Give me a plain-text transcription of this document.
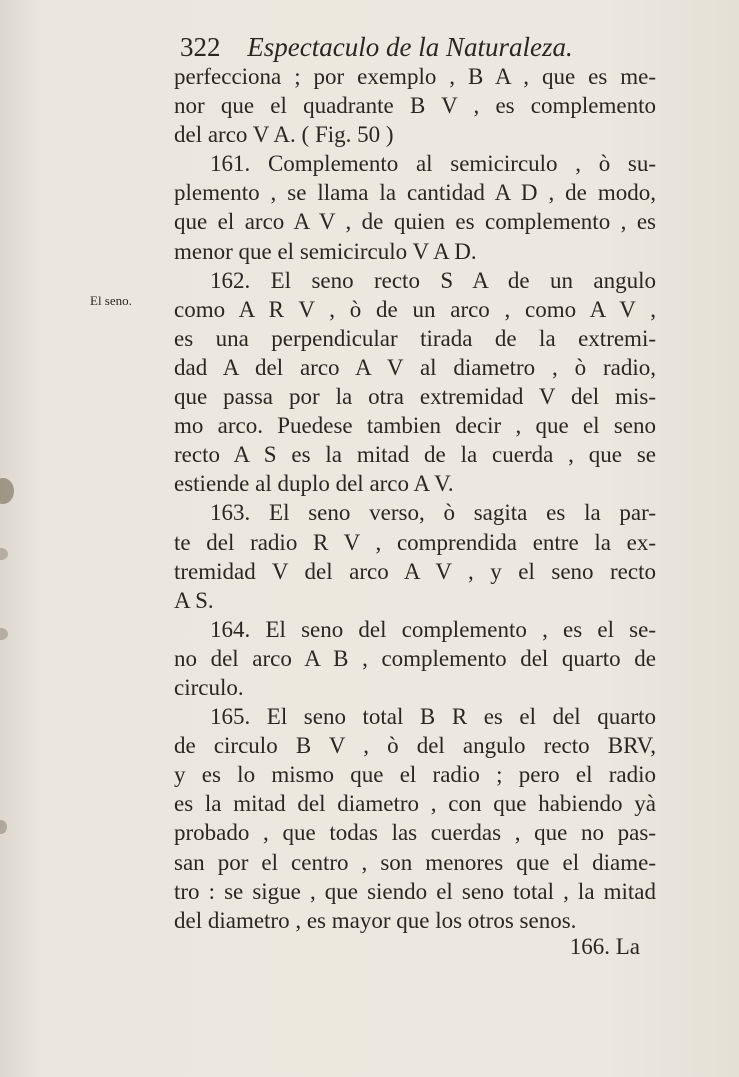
322 Espectaculo de la Naturaleza.
El seno.
perfecciona ; por exemplo , B A , que es me-
nor que el quadrante B V , es complemento
del arco V A. ( Fig. 50 )
161. Complemento al semicirculo , ò su-
plemento , se llama la cantidad A D , de modo,
que el arco A V , de quien es complemento , es
menor que el semicirculo V A D.
162. El seno recto S A de un angulo
como A R V , ò de un arco , como A V ,
es una perpendicular tirada de la extremi-
dad A del arco A V al diametro , ò radio,
que passa por la otra extremidad V del mis-
mo arco. Puedese tambien decir , que el seno
recto A S es la mitad de la cuerda , que se
estiende al duplo del arco A V.
163. El seno verso, ò sagita es la par-
te del radio R V , comprendida entre la ex-
tremidad V del arco A V , y el seno recto
A S.
164. El seno del complemento , es el se-
no del arco A B , complemento del quarto de
circulo.
165. El seno total B R es el del quarto
de circulo B V , ò del angulo recto BRV,
y es lo mismo que el radio ; pero el radio
es la mitad del diametro , con que habiendo yà
probado , que todas las cuerdas , que no pas-
san por el centro , son menores que el diame-
tro : se sigue , que siendo el seno total , la mitad
del diametro , es mayor que los otros senos.
166. La
